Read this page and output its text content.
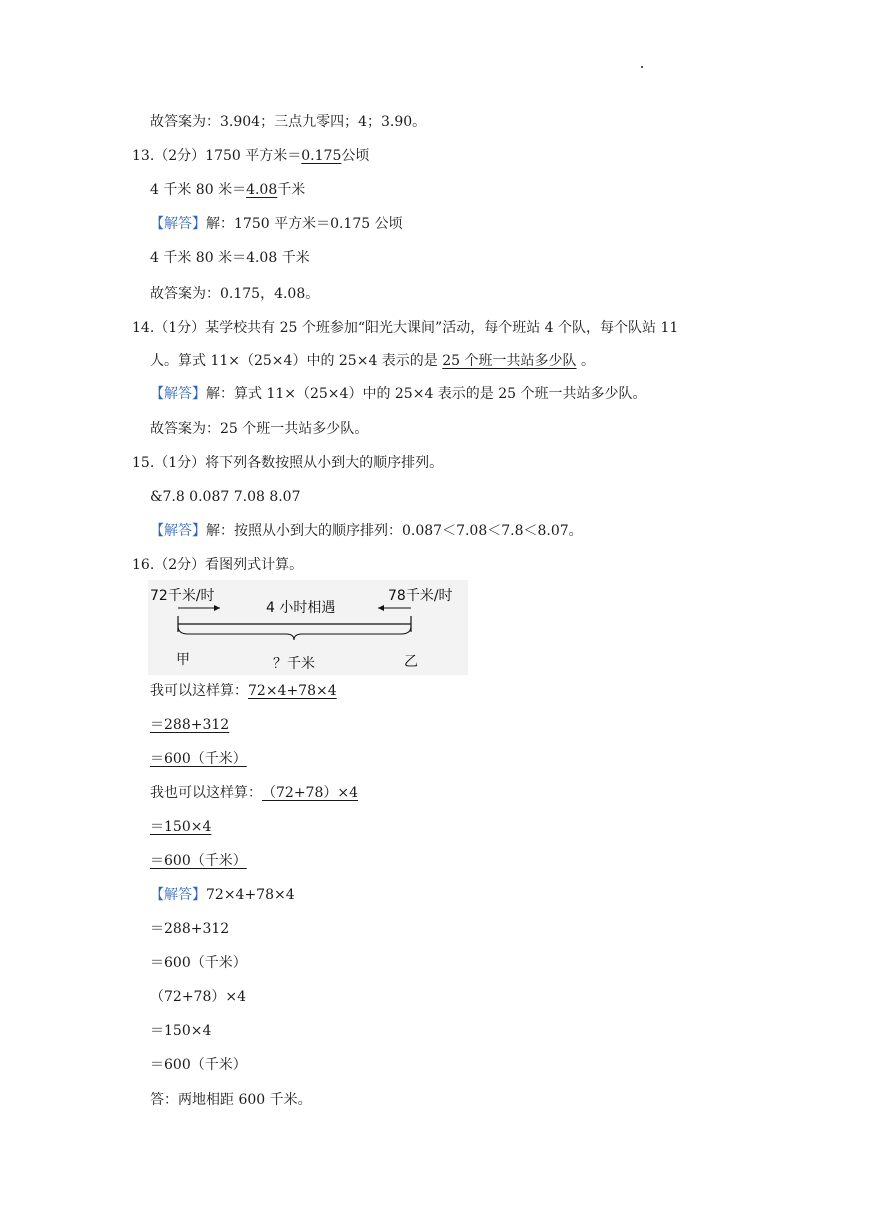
故答案为：3.904；三点九零四；4；3.90。
13.（2分）1750 平方米＝0.175公顷
4 千米 80 米＝4.08千米
【解答】解：1750 平方米＝0.175 公顷
4 千米 80 米＝4.08 千米
故答案为：0.175，4.08。
14.（1分）某学校共有 25 个班参加“阳光大课间”活动，每个班站 4 个队，每个队站 11
人。算式 11×（25×4）中的 25×4 表示的是 25 个班一共站多少队 。
【解答】解：算式 11×（25×4）中的 25×4 表示的是 25 个班一共站多少队。
故答案为：25 个班一共站多少队。
15.（1分）将下列各数按照从小到大的顺序排列。
&7.8 0.087 7.08 8.07
【解答】解：按照从小到大的顺序排列：0.087＜7.08＜7.8＜8.07。
16.（2分）看图列式计算。
72千米/时	78千米/时
4 小时相遇
甲	乙
？千米
我可以这样算：72×4+78×4
＝288+312
＝600（千米）
我也可以这样算：（72+78）×4
＝150×4
＝600（千米）
【解答】72×4+78×4
＝288+312
＝600（千米）
（72+78）×4
＝150×4
＝600（千米）
答：两地相距 600 千米。
